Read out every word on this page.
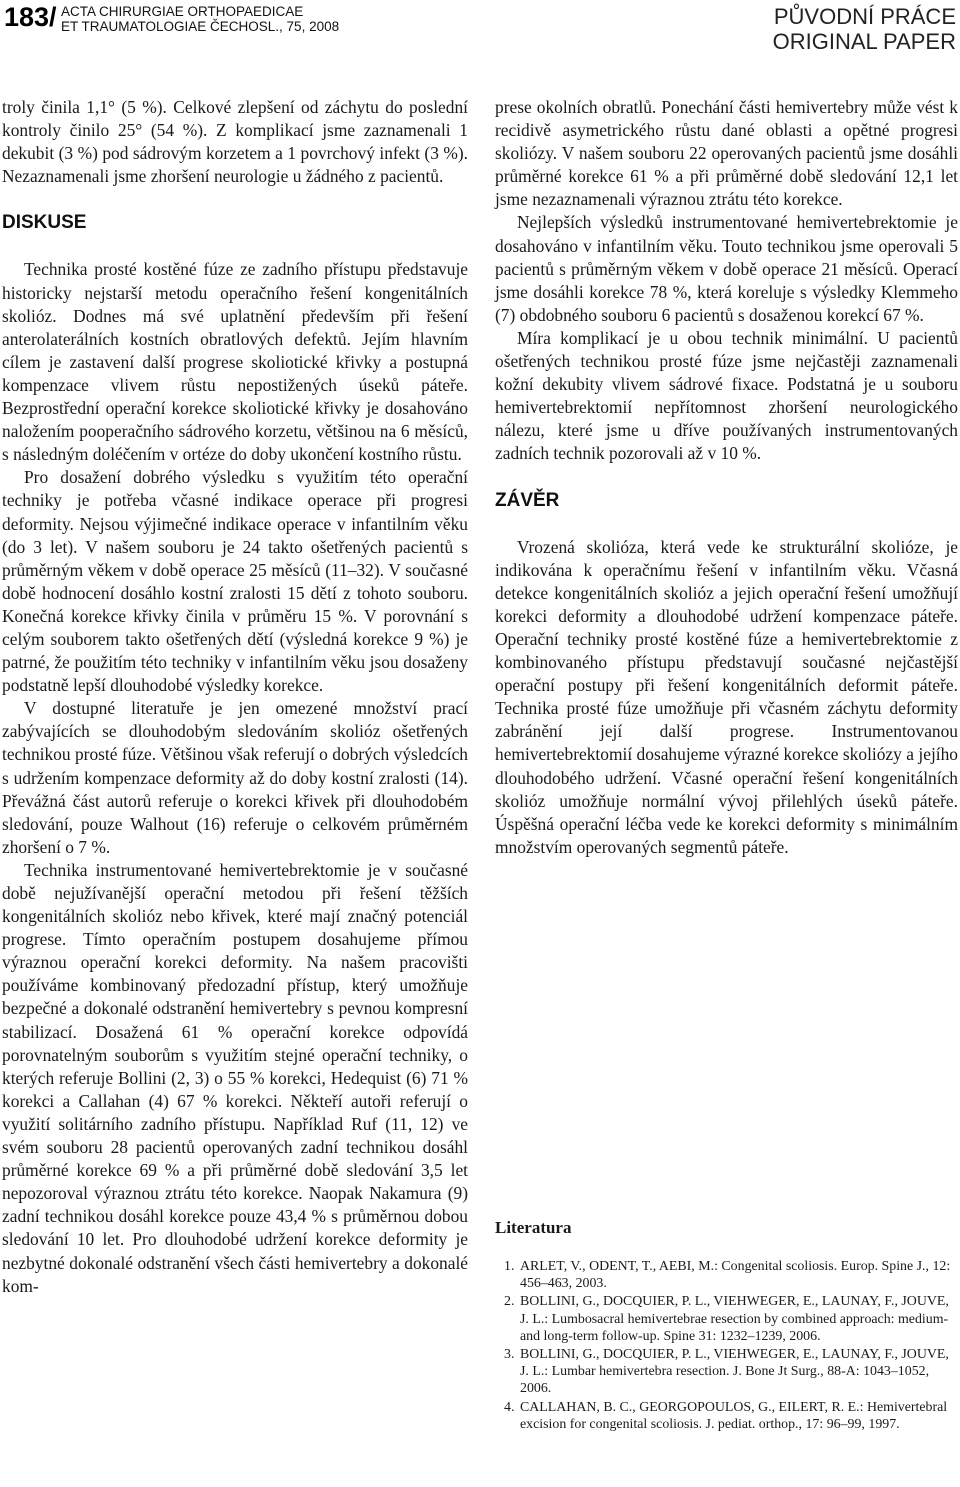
183/ ACTA CHIRURGIAE ORTHOPAEDICAE
ET TRAUMATOLOGIAE ČECHOSL., 75, 2008	PŮVODNÍ PRÁCE
ORIGINAL PAPER

troly činila 1,1° (5 %). Celkové zlepšení od záchytu do poslední kontroly činilo 25° (54 %). Z komplikací jsme zaznamenali 1 dekubit (3 %) pod sádrovým korzetem a 1 povrchový infekt (3 %). Nezaznamenali jsme zhoršení neurologie u žádného z pacientů.

DISKUSE

Technika prosté kostěné fúze ze zadního přístupu představuje historicky nejstarší metodu operačního řešení kongenitálních skolióz. Dodnes má své uplatnění především při řešení anterolaterálních kostních obratlových defektů. Jejím hlavním cílem je zastavení další progrese skoliotické křivky a postupná kompenzace vlivem růstu nepostižených úseků páteře. Bezprostřední operační korekce skoliotické křivky je dosahováno naložením pooperačního sádrového korzetu, většinou na 6 měsíců, s následným doléčením v ortéze do doby ukončení kostního růstu.

Pro dosažení dobrého výsledku s využitím této operační techniky je potřeba včasné indikace operace při progresi deformity. Nejsou výjimečné indikace operace v infantilním věku (do 3 let). V našem souboru je 24 takto ošetřených pacientů s průměrným věkem v době operace 25 měsíců (11–32). V současné době hodnocení dosáhlo kostní zralosti 15 dětí z tohoto souboru. Konečná korekce křivky činila v průměru 15 %. V porovnání s celým souborem takto ošetřených dětí (výsledná korekce 9 %) je patrné, že použitím této techniky v infantilním věku jsou dosaženy podstatně lepší dlouhodobé výsledky korekce.

V dostupné literatuře je jen omezené množství prací zabývajících se dlouhodobým sledováním skolióz ošetřených technikou prosté fúze. Většinou však referují o dobrých výsledcích s udržením kompenzace deformity až do doby kostní zralosti (14). Převážná část autorů referuje o korekci křivek při dlouhodobém sledování, pouze Walhout (16) referuje o celkovém průměrném zhoršení o 7 %.

Technika instrumentované hemivertebrektomie je v současné době nejužívanější operační metodou při řešení těžších kongenitálních skolióz nebo křivek, které mají značný potenciál progrese. Tímto operačním postupem dosahujeme přímou výraznou operační korekci deformity. Na našem pracovišti používáme kombinovaný předozadní přístup, který umožňuje bezpečné a dokonalé odstranění hemivertebry s pevnou kompresní stabilizací. Dosažená 61 % operační korekce odpovídá porovnatelným souborům s využitím stejné operační techniky, o kterých referuje Bollini (2, 3) o 55 % korekci, Hedequist (6) 71 % korekci a Callahan (4) 67 % korekci. Někteří autoři referují o využití solitárního zadního přístupu. Například Ruf (11, 12) ve svém souboru 28 pacientů operovaných zadní technikou dosáhl průměrné korekce 69 % a při průměrné době sledování 3,5 let nepozoroval výraznou ztrátu této korekce. Naopak Nakamura (9) zadní technikou dosáhl korekce pouze 43,4 % s průměrnou dobou sledování 10 let. Pro dlouhodobé udržení korekce deformity je nezbytné dokonalé odstranění všech části hemivertebry a dokonalé kom-

prese okolních obratlů. Ponechání části hemivertebry může vést k recidivě asymetrického růstu dané oblasti a opětné progresi skoliózy. V našem souboru 22 operovaných pacientů jsme dosáhli průměrné korekce 61 % a při průměrné době sledování 12,1 let jsme nezaznamenali výraznou ztrátu této korekce.

Nejlepších výsledků instrumentované hemivertebrektomie je dosahováno v infantilním věku. Touto technikou jsme operovali 5 pacientů s průměrným věkem v době operace 21 měsíců. Operací jsme dosáhli korekce 78 %, která koreluje s výsledky Klemmeho (7) obdobného souboru 6 pacientů s dosaženou korekcí 67 %.

Míra komplikací je u obou technik minimální. U pacientů ošetřených technikou prosté fúze jsme nejčastěji zaznamenali kožní dekubity vlivem sádrové fixace. Podstatná je u souboru hemivertebrektomií nepřítomnost zhoršení neurologického nálezu, které jsme u dříve používaných instrumentovaných zadních technik pozorovali až v 10 %.

ZÁVĚR

Vrozená skolióza, která vede ke strukturální skolióze, je indikována k operačnímu řešení v infantilním věku. Včasná detekce kongenitálních skolióz a jejich operační řešení umožňují korekci deformity a dlouhodobé udržení kompenzace páteře. Operační techniky prosté kostěné fúze a hemivertebrektomie z kombinovaného přístupu představují současné nejčastější operační postupy při řešení kongenitálních deformit páteře. Technika prosté fúze umožňuje při včasném záchytu deformity zabránění její další progrese. Instrumentovanou hemivertebrektomií dosahujeme výrazné korekce skoliózy a jejího dlouhodobého udržení. Včasné operační řešení kongenitálních skolióz umožňuje normální vývoj přilehlých úseků páteře. Úspěšná operační léčba vede ke korekci deformity s minimálním množstvím operovaných segmentů páteře.

Literatura
1. ARLET, V., ODENT, T., AEBI, M.: Congenital scoliosis. Europ. Spine J., 12: 456–463, 2003.
2. BOLLINI, G., DOCQUIER, P. L., VIEHWEGER, E., LAUNAY, F., JOUVE, J. L.: Lumbosacral hemivertebrae resection by combined approach: medium- and long-term follow-up. Spine 31: 1232–1239, 2006.
3. BOLLINI, G., DOCQUIER, P. L., VIEHWEGER, E., LAUNAY, F., JOUVE, J. L.: Lumbar hemivertebra resection. J. Bone Jt Surg., 88-A: 1043–1052, 2006.
4. CALLAHAN, B. C., GEORGOPOULOS, G., EILERT, R. E.: Hemivertebral excision for congenital scoliosis. J. pediat. orthop., 17: 96–99, 1997.
